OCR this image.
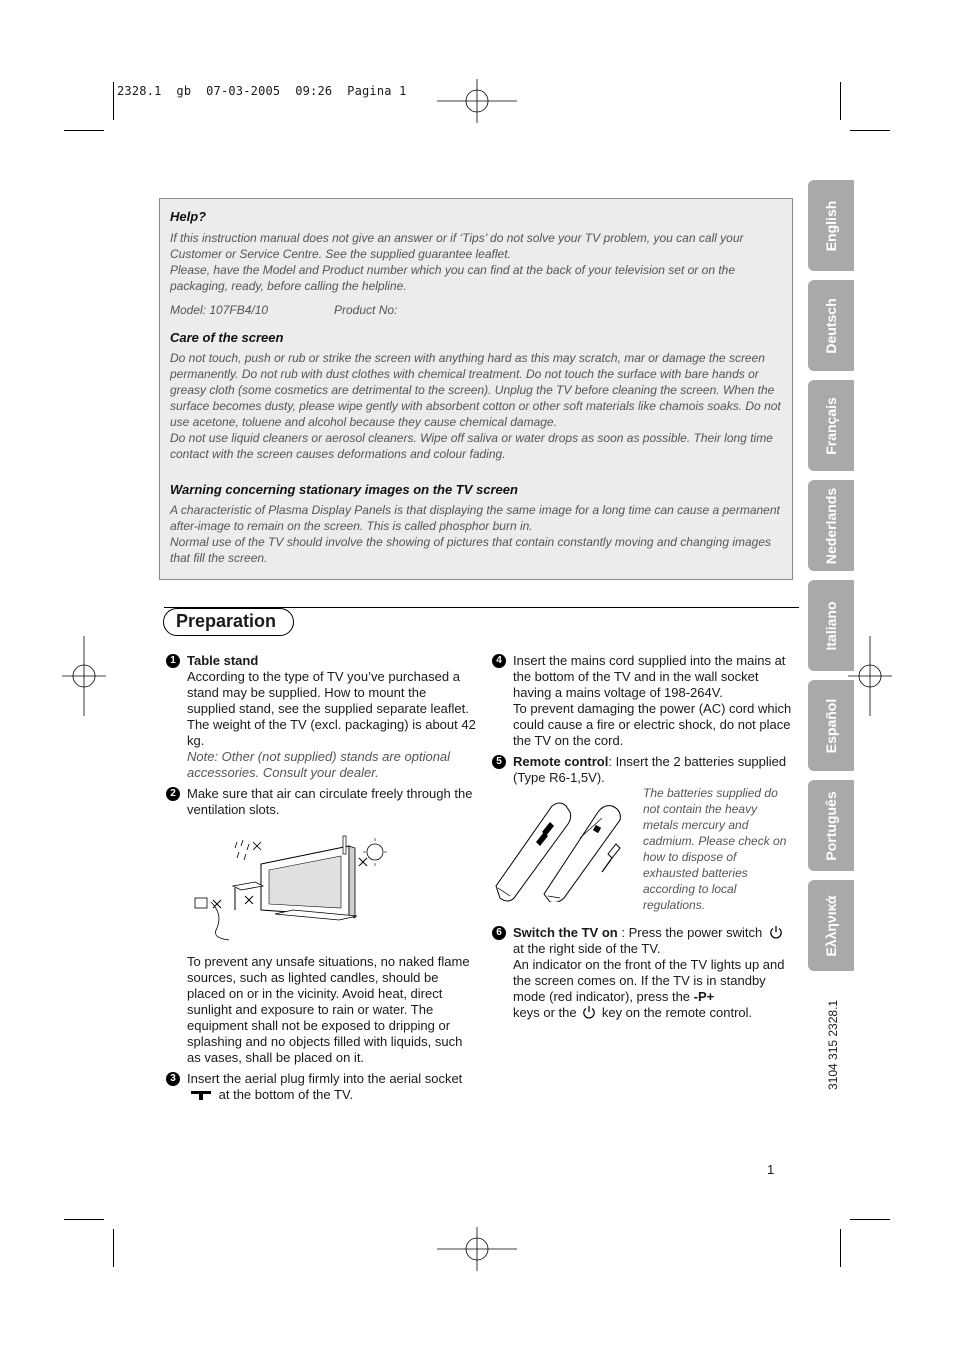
2328.1  gb  07-03-2005  09:26  Pagina 1

Help?

If this instruction manual does not give an answer or if ‘Tips’ do not solve your TV problem, you can call your Customer or Service Centre. See the supplied guarantee leaflet.

Please, have the Model and Product number which you can find at the back of your television set or on the packaging, ready, before calling the helpline.

Model: 107FB4/10	Product No:

Care of the screen

Do not touch, push or rub or strike the screen with anything hard as this may scratch, mar or damage the screen permanently. Do not rub with dust clothes with chemical treatment. Do not touch the surface with bare hands or greasy cloth (some cosmetics are detrimental to the screen). Unplug the TV before cleaning the screen. When the surface becomes dusty, please wipe gently with absorbent cotton or other soft materials like chamois soaks. Do not use acetone, toluene and alcohol because they cause chemical damage.

Do not use liquid cleaners or aerosol cleaners. Wipe off saliva or water drops as soon as possible. Their long time contact with the screen causes deformations and colour fading.

Warning concerning stationary images on the TV screen

A characteristic of Plasma Display Panels is that displaying the same image for a long time can cause a permanent after-image to remain on the screen. This is called phosphor burn in.

Normal use of the TV should involve the showing of pictures that contain constantly moving and changing images that fill the screen.

English
Deutsch
Français
Nederlands
Italiano
Español
Português
Ελληνικά
3104 315 2328.1
Preparation
1 Table stand

According to the type of TV you’ve purchased a stand may be supplied. How to mount the supplied stand, see the supplied separate leaflet. The weight of the TV (excl. packaging) is about 42 kg.

Note: Other (not supplied) stands are optional accessories. Consult your dealer.

2 Make sure that air can circulate freely through the ventilation slots.

To prevent any unsafe situations, no naked flame sources, such as lighted candles, should be placed on or in the vicinity. Avoid heat, direct sunlight and exposure to rain or water. The equipment shall not be exposed to dripping or splashing and no objects filled with liquids, such as vases, shall be placed on it.

3 Insert the aerial plug firmly into the aerial socket  at the bottom of the TV.

4 Insert the mains cord supplied into the mains at the bottom of the TV and in the wall socket having a mains voltage of 198-264V.

To prevent damaging the power (AC) cord which could cause a fire or electric shock, do not place the TV on the cord.

5 Remote control: Insert the 2 batteries supplied (Type R6-1,5V).

6 Switch the TV on : Press the power switch

at the right side of the TV.

An indicator on the front of the TV lights up and the screen comes on. If the TV is in standby mode (red indicator), press the -P+

keys or the key on the remote control.

The batteries supplied do not contain the heavy metals mercury and cadmium. Please check on how to dispose of exhausted batteries according to local regulations.
1
